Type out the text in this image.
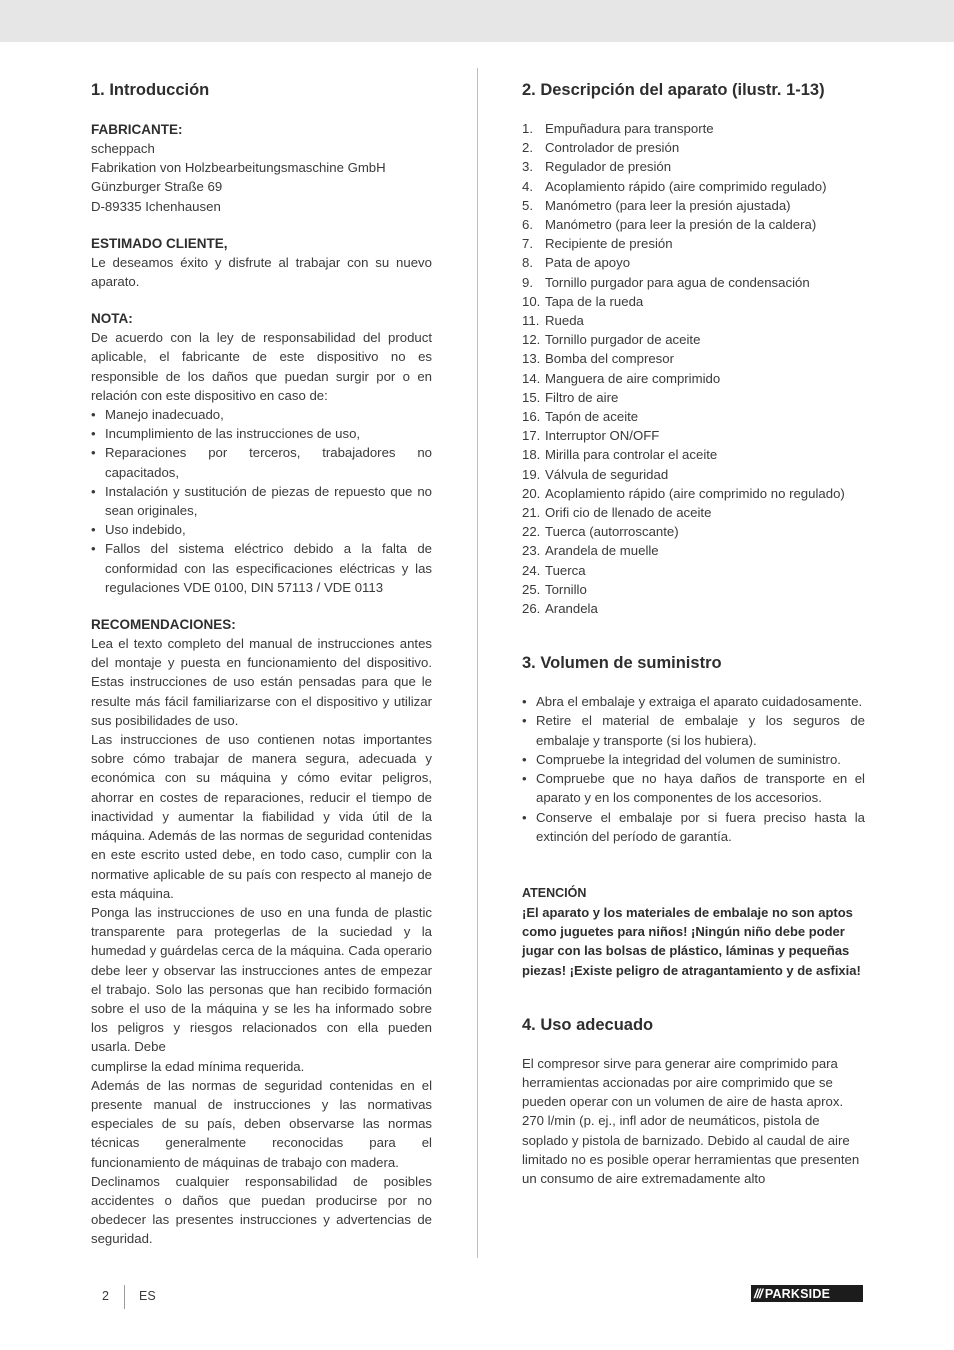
1. Introducción
FABRICANTE:

scheppach

Fabrikation von Holzbearbeitungsmaschine GmbH

Günzburger Straße 69

D-89335 Ichenhausen

ESTIMADO CLIENTE,

Le deseamos éxito y disfrute al trabajar con su nuevo aparato.

NOTA:

De acuerdo con la ley de responsabilidad del product aplicable, el fabricante de este dispositivo no es responsible de los daños que puedan surgir por o en relación con este dispositivo en caso de:

• Manejo inadecuado,
• Incumplimiento de las instrucciones de uso,
• Reparaciones por terceros, trabajadores no capacitados,
• Instalación y sustitución de piezas de repuesto que no sean originales,
• Uso indebido,
• Fallos del sistema eléctrico debido a la falta de conformidad con las especificaciones eléctricas y las regulaciones VDE 0100, DIN 57113 / VDE 0113
RECOMENDACIONES:

Lea el texto completo del manual de instrucciones antes del montaje y puesta en funcionamiento del dispositivo. Estas instrucciones de uso están pensadas para que le resulte más fácil familiarizarse con el dispositivo y utilizar sus posibilidades de uso.

Las instrucciones de uso contienen notas importantes sobre cómo trabajar de manera segura, adecuada y económica con su máquina y cómo evitar peligros, ahorrar en costes de reparaciones, reducir el tiempo de inactividad y aumentar la fiabilidad y vida útil de la máquina. Además de las normas de seguridad contenidas en este escrito usted debe, en todo caso, cumplir con la normative aplicable de su país con respecto al manejo de esta máquina.

Ponga las instrucciones de uso en una funda de plastic transparente para protegerlas de la suciedad y la humedad y guárdelas cerca de la máquina. Cada operario debe leer y observar las instrucciones antes de empezar el trabajo. Solo las personas que han recibido formación sobre el uso de la máquina y se les ha informado sobre los peligros y riesgos relacionados con ella pueden usarla. Debe

cumplirse la edad mínima requerida.

Además de las normas de seguridad contenidas en el presente manual de instrucciones y las normativas especiales de su país, deben observarse las normas técnicas generalmente reconocidas para el funcionamiento de máquinas de trabajo con madera.

Declinamos cualquier responsabilidad de posibles accidentes o daños que puedan producirse por no obedecer las presentes instrucciones y advertencias de seguridad.

2. Descripción del aparato (ilustr. 1-13)
1. Empuñadura para transporte
2. Controlador de presión
3. Regulador de presión
4. Acoplamiento rápido (aire comprimido regulado)
5. Manómetro (para leer la presión ajustada)
6. Manómetro (para leer la presión de la caldera)
7. Recipiente de presión
8. Pata de apoyo
9. Tornillo purgador para agua de condensación
10. Tapa de la rueda
11. Rueda
12. Tornillo purgador de aceite
13. Bomba del compresor
14. Manguera de aire comprimido
15. Filtro de aire
16. Tapón de aceite
17. Interruptor ON/OFF
18. Mirilla para controlar el aceite
19. Válvula de seguridad
20. Acoplamiento rápido (aire comprimido no regulado)
21. Orifi cio de llenado de aceite
22. Tuerca (autorroscante)
23. Arandela de muelle
24. Tuerca
25. Tornillo
26. Arandela
3. Volumen de suministro
• Abra el embalaje y extraiga el aparato cuidadosamente.
• Retire el material de embalaje y los seguros de embalaje y transporte (si los hubiera).
• Compruebe la integridad del volumen de suministro.
• Compruebe que no haya daños de transporte en el aparato y en los componentes de los accesorios.
• Conserve el embalaje por si fuera preciso hasta la extinción del período de garantía.
ATENCIÓN
¡El aparato y los materiales de embalaje no son aptos como juguetes para niños! ¡Ningún niño debe poder
jugar con las bolsas de plástico, láminas y pequeñas piezas! ¡Existe peligro de atragantamiento y de asfixia!
4. Uso adecuado

El compresor sirve para generar aire comprimido para herramientas accionadas por aire comprimido que se pueden operar con un volumen de aire de hasta aprox. 270 l/min (p. ej., infl ador de neumáticos, pistola de soplado y pistola de barnizado. Debido al caudal de aire limitado no es posible operar herramientas que presenten un consumo de aire extremadamente alto

2 ES	/// PARKSIDE
